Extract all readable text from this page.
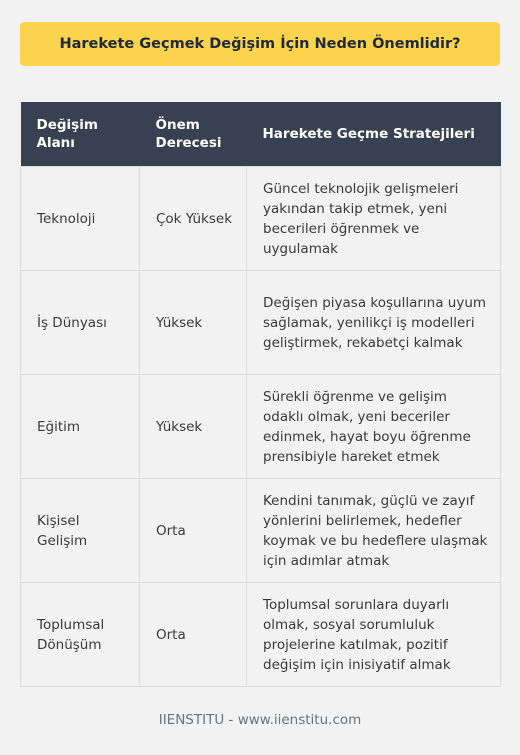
Harekete Geçmek Değişim İçin Neden Önemlidir?
Değişim Alanı	Önem Derecesi	Harekete Geçme Stratejileri
Teknoloji	Çok Yüksek	Güncel teknolojik gelişmeleri yakından takip etmek, yeni becerileri öğrenmek ve uygulamak
İş Dünyası	Yüksek	Değişen piyasa koşullarına uyum sağlamak, yenilikçi iş modelleri geliştirmek, rekabetçi kalmak
Eğitim	Yüksek	Sürekli öğrenme ve gelişim odaklı olmak, yeni beceriler edinmek, hayat boyu öğrenme prensibiyle hareket etmek
Kişisel Gelişim	Orta	Kendini tanımak, güçlü ve zayıf yönlerini belirlemek, hedefler koymak ve bu hedeflere ulaşmak için adımlar atmak
Toplumsal Dönüşüm	Orta	Toplumsal sorunlara duyarlı olmak, sosyal sorumluluk projelerine katılmak, pozitif değişim için inisiyatif almak
IIENSTITU - www.iienstitu.com
